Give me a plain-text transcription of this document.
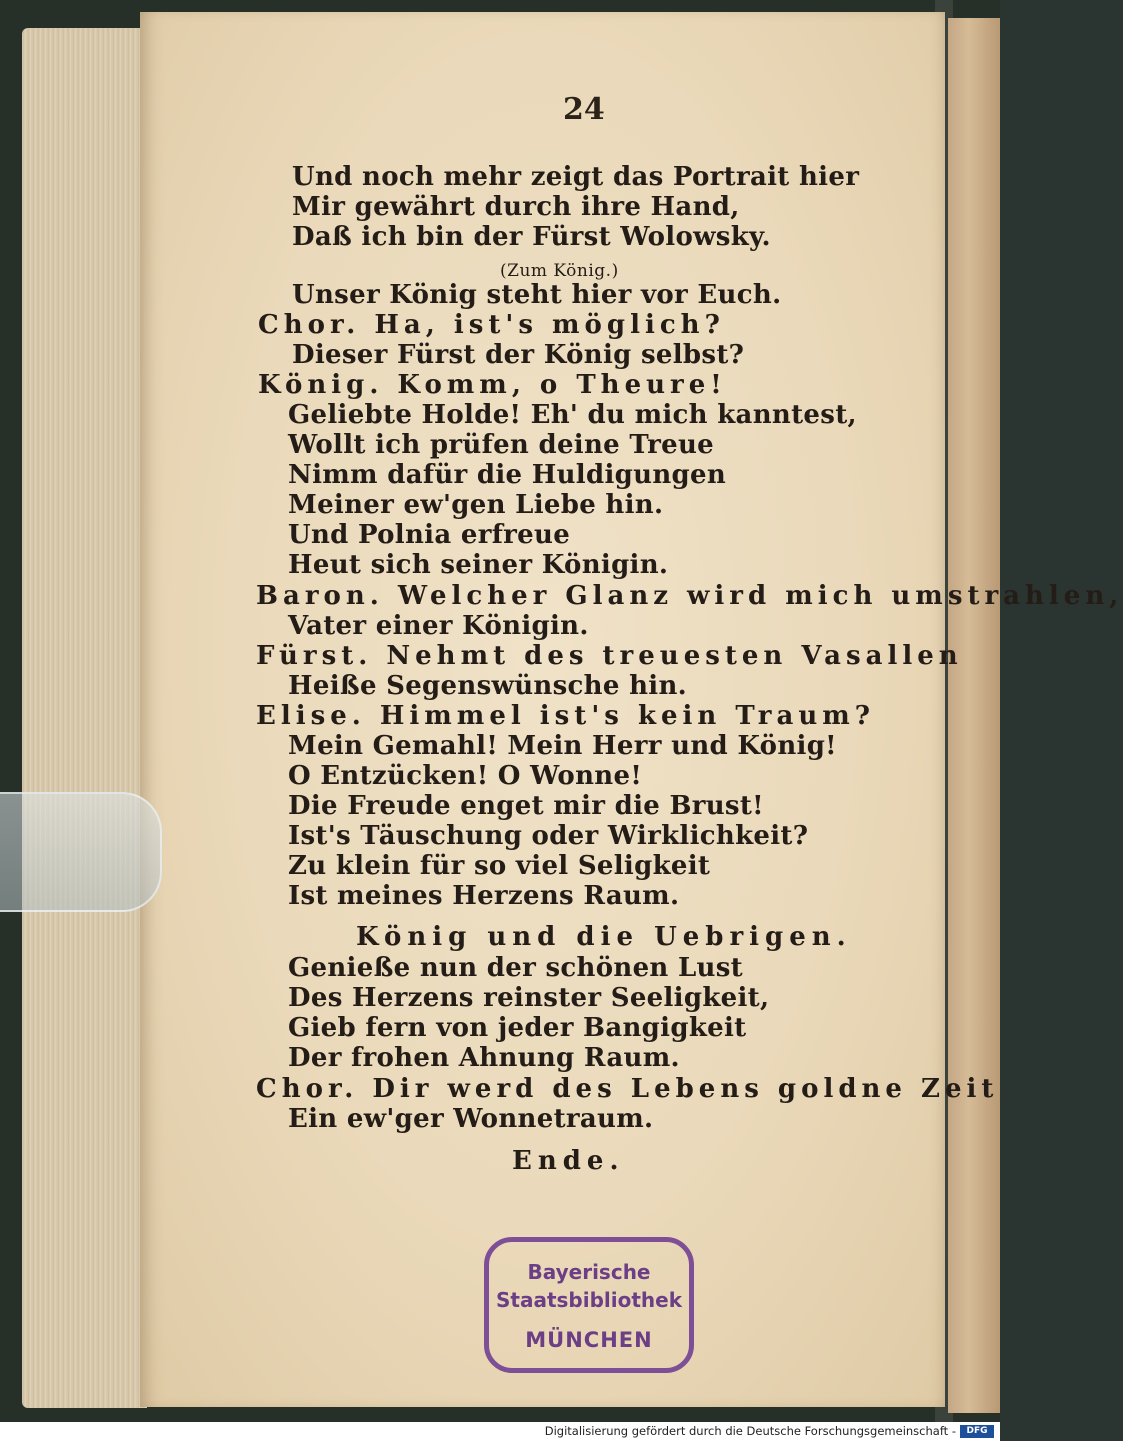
24
Und noch mehr zeigt das Portrait hier
Mir gewährt durch ihre Hand,
Daß ich bin der Fürst Wolowsky.
(Zum König.)
Unser König steht hier vor Euch.
Chor. Ha, ist's möglich?
Dieser Fürst der König selbst?
König. Komm, o Theure!
Geliebte Holde! Eh' du mich kanntest,
Wollt ich prüfen deine Treue
Nimm dafür die Huldigungen
Meiner ew'gen Liebe hin.
Und Polnia erfreue
Heut sich seiner Königin.
Baron. Welcher Glanz wird mich umstrahlen,
Vater einer Königin.
Fürst. Nehmt des treuesten Vasallen
Heiße Segenswünsche hin.
Elise. Himmel ist's kein Traum?
Mein Gemahl! Mein Herr und König!
O Entzücken! O Wonne!
Die Freude enget mir die Brust!
Ist's Täuschung oder Wirklichkeit?
Zu klein für so viel Seligkeit
Ist meines Herzens Raum.
König und die Uebrigen.
Genieße nun der schönen Lust
Des Herzens reinster Seeligkeit,
Gieb fern von jeder Bangigkeit
Der frohen Ahnung Raum.
Chor. Dir werd des Lebens goldne Zeit
Ein ew'ger Wonnetraum.
Ende.
Bayerische
Staatsbibliothek
MÜNCHEN
Digitalisierung gefördert durch die Deutsche Forschungsgemeinschaft -	DFG
